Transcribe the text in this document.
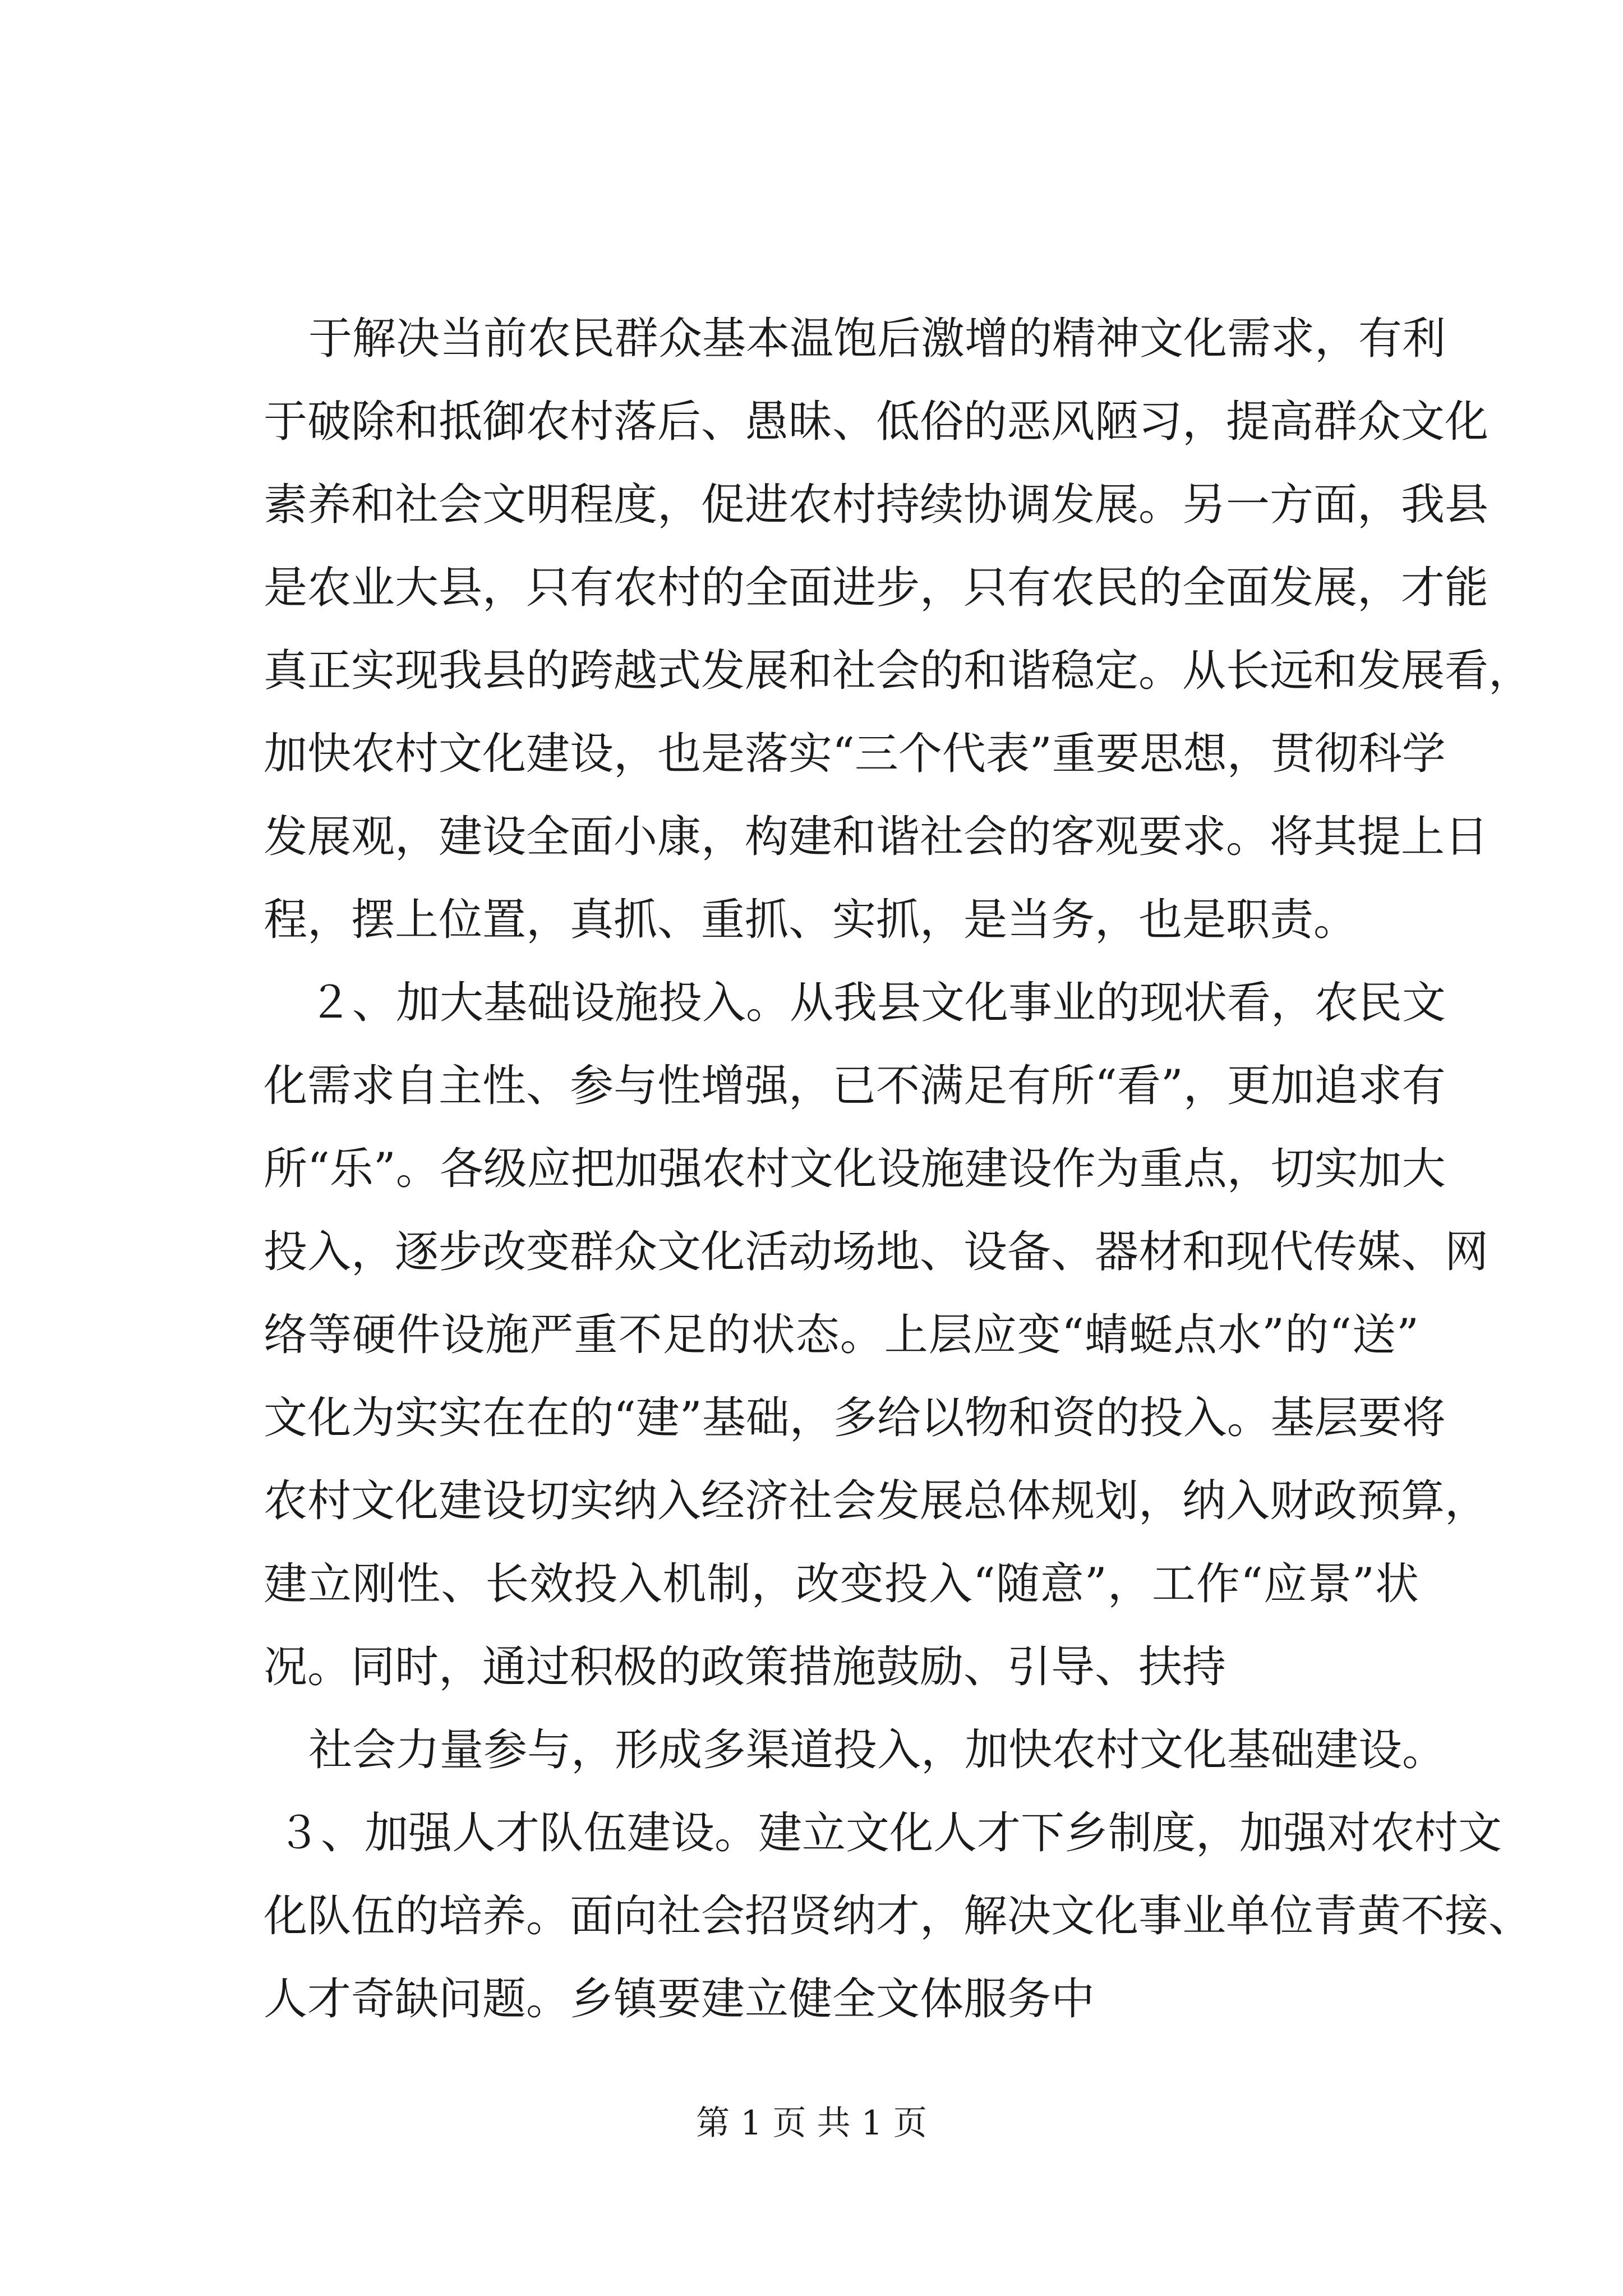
于解决当前农民群众基本温饱后激增的精神文化需求，有利
于破除和抵御农村落后、愚昧、低俗的恶风陋习，提高群众文化
素养和社会文明程度，促进农村持续协调发展。另一方面，我县
是农业大县，只有农村的全面进步，只有农民的全面发展，才能
真正实现我县的跨越式发展和社会的和谐稳定。从长远和发展看，
加快农村文化建设，也是落实“三个代表”重要思想，贯彻科学
发展观，建设全面小康，构建和谐社会的客观要求。将其提上日
程，摆上位置，真抓、重抓、实抓，是当务，也是职责。
２、加大基础设施投入。从我县文化事业的现状看，农民文
化需求自主性、参与性增强，已不满足有所“看”，更加追求有
所“乐”。各级应把加强农村文化设施建设作为重点，切实加大
投入，逐步改变群众文化活动场地、设备、器材和现代传媒、网
络等硬件设施严重不足的状态。上层应变“蜻蜓点水”的“送”
文化为实实在在的“建”基础，多给以物和资的投入。基层要将
农村文化建设切实纳入经济社会发展总体规划，纳入财政预算，
建立刚性、长效投入机制，改变投入“随意”，工作“应景”状
况。同时，通过积极的政策措施鼓励、引导、扶持
社会力量参与，形成多渠道投入，加快农村文化基础建设。
３、加强人才队伍建设。建立文化人才下乡制度，加强对农村文
化队伍的培养。面向社会招贤纳才，解决文化事业单位青黄不接、
人才奇缺问题。乡镇要建立健全文体服务中
第 1 页 共 1 页
